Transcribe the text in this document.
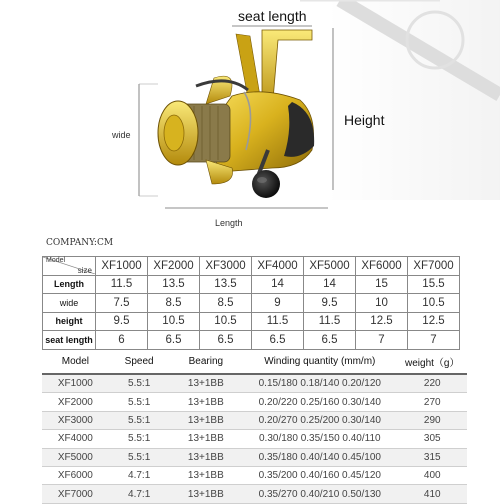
seat length
Height
wide
Length
COMPANY:CM
Model
size	XF1000	XF2000	XF3000	XF4000	XF5000	XF6000	XF7000
Length	11.5	13.5	13.5	14	14	15	15.5
wide	7.5	8.5	8.5	9	9.5	10	10.5
height	9.5	10.5	10.5	11.5	11.5	12.5	12.5
seat length	6	6.5	6.5	6.5	6.5	7	7
Model	Speed	Bearing	Winding quantity (mm/m)	weight（g）
XF1000	5.5:1	13+1BB	0.15/180 0.18/140 0.20/120	220
XF2000	5.5:1	13+1BB	0.20/220 0.25/160 0.30/140	270
XF3000	5.5:1	13+1BB	0.20/270 0.25/200 0.30/140	290
XF4000	5.5:1	13+1BB	0.30/180 0.35/150 0.40/110	305
XF5000	5.5:1	13+1BB	0.35/180 0.40/140 0.45/100	315
XF6000	4.7:1	13+1BB	0.35/200 0.40/160 0.45/120	400
XF7000	4.7:1	13+1BB	0.35/270 0.40/210 0.50/130	410
